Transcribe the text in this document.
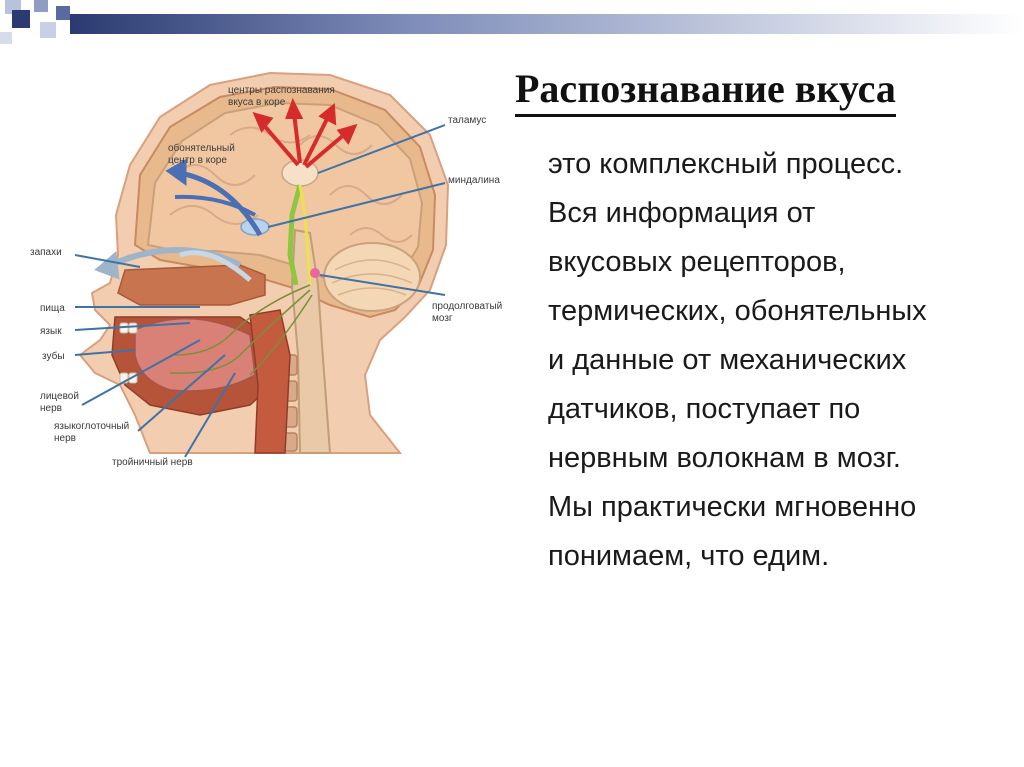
Распознавание вкуса

это комплексный процесс.
Вся информация от
вкусовых рецепторов,
термических, обонятельных
и данные от механических
датчиков, поступает по
нервным волокнам в мозг.
Мы практически мгновенно
понимаем, что едим.

центры распознавания
вкуса в коре
обонятельный
центр в коре
таламус
миндалина
запахи
пища
язык
зубы
лицевой
нерв
языкоглоточный
нерв
тройничный нерв
продолговатый
мозг
